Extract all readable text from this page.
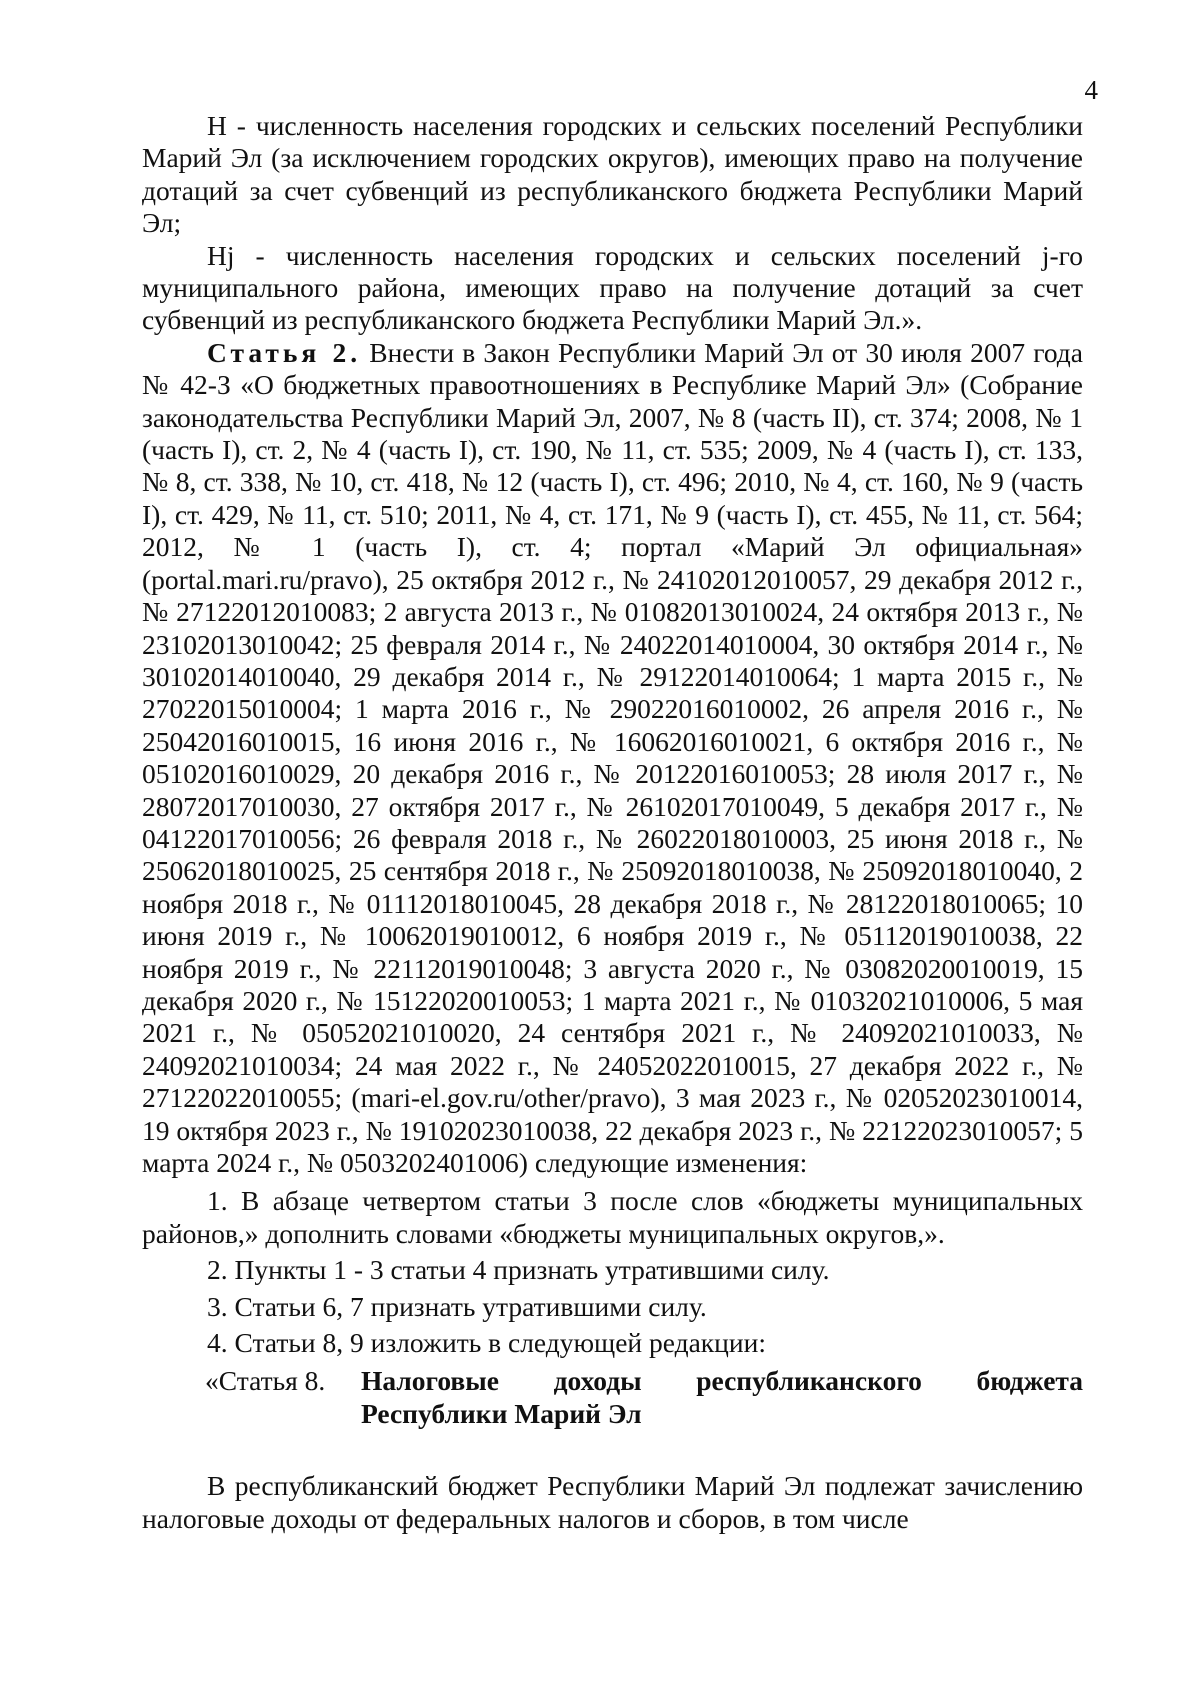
4

Н - численность населения городских и сельских поселений Республики Марий Эл (за исключением городских округов), имеющих право на получение дотаций за счет субвенций из республиканского бюджета Республики Марий Эл;

Нj - численность населения городских и сельских поселений j-го муниципального района, имеющих право на получение дотаций за счет субвенций из республиканского бюджета Республики Марий Эл.».

Статья 2. Внести в Закон Республики Марий Эл от 30 июля 2007 года № 42-З «О бюджетных правоотношениях в Республике Марий Эл» (Собрание законодательства Республики Марий Эл, 2007, № 8 (часть II), ст. 374; 2008, № 1 (часть I), ст. 2, № 4 (часть I), ст. 190, № 11, ст. 535; 2009, № 4 (часть I), ст. 133, № 8, ст. 338, № 10, ст. 418, № 12 (часть I), ст. 496; 2010, № 4, ст. 160, № 9 (часть I), ст. 429, № 11, ст. 510; 2011, № 4, ст. 171, № 9 (часть I), ст. 455, № 11, ст. 564; 2012, № 1 (часть I), ст. 4; портал «Марий Эл официальная» (portal.mari.ru/pravo), 25 октября 2012 г., № 24102012010057, 29 декабря 2012 г., № 27122012010083; 2 августа 2013 г., № 01082013010024, 24 октября 2013 г., № 23102013010042; 25 февраля 2014 г., № 24022014010004, 30 октября 2014 г., № 30102014010040, 29 декабря 2014 г., № 29122014010064; 1 марта 2015 г., № 27022015010004; 1 марта 2016 г., № 29022016010002, 26 апреля 2016 г., № 25042016010015, 16 июня 2016 г., № 16062016010021, 6 октября 2016 г., № 05102016010029, 20 декабря 2016 г., № 20122016010053; 28 июля 2017 г., № 28072017010030, 27 октября 2017 г., № 26102017010049, 5 декабря 2017 г., № 04122017010056; 26 февраля 2018 г., № 26022018010003, 25 июня 2018 г., № 25062018010025, 25 сентября 2018 г., № 25092018010038, № 25092018010040, 2 ноября 2018 г., № 01112018010045, 28 декабря 2018 г., № 28122018010065; 10 июня 2019 г., № 10062019010012, 6 ноября 2019 г., № 05112019010038, 22 ноября 2019 г., № 22112019010048; 3 августа 2020 г., № 03082020010019, 15 декабря 2020 г., № 15122020010053; 1 марта 2021 г., № 01032021010006, 5 мая 2021 г., № 05052021010020, 24 сентября 2021 г., № 24092021010033, № 24092021010034; 24 мая 2022 г., № 24052022010015, 27 декабря 2022 г., № 27122022010055; (mari-el.gov.ru/other/pravo), 3 мая 2023 г., № 02052023010014, 19 октября 2023 г., № 19102023010038, 22 декабря 2023 г., № 22122023010057; 5 марта 2024 г., № 0503202401006) следующие изменения:

1. В абзаце четвертом статьи 3 после слов «бюджеты муниципальных районов,» дополнить словами «бюджеты муниципальных округов,».

2. Пункты 1 - 3 статьи 4 признать утратившими силу.

3. Статьи 6, 7 признать утратившими силу.

4. Статьи 8, 9 изложить в следующей редакции:

«Статья 8.	Налоговые доходы республиканского бюджета Республики Марий Эл

В республиканский бюджет Республики Марий Эл подлежат зачислению налоговые доходы от федеральных налогов и сборов, в том числе
